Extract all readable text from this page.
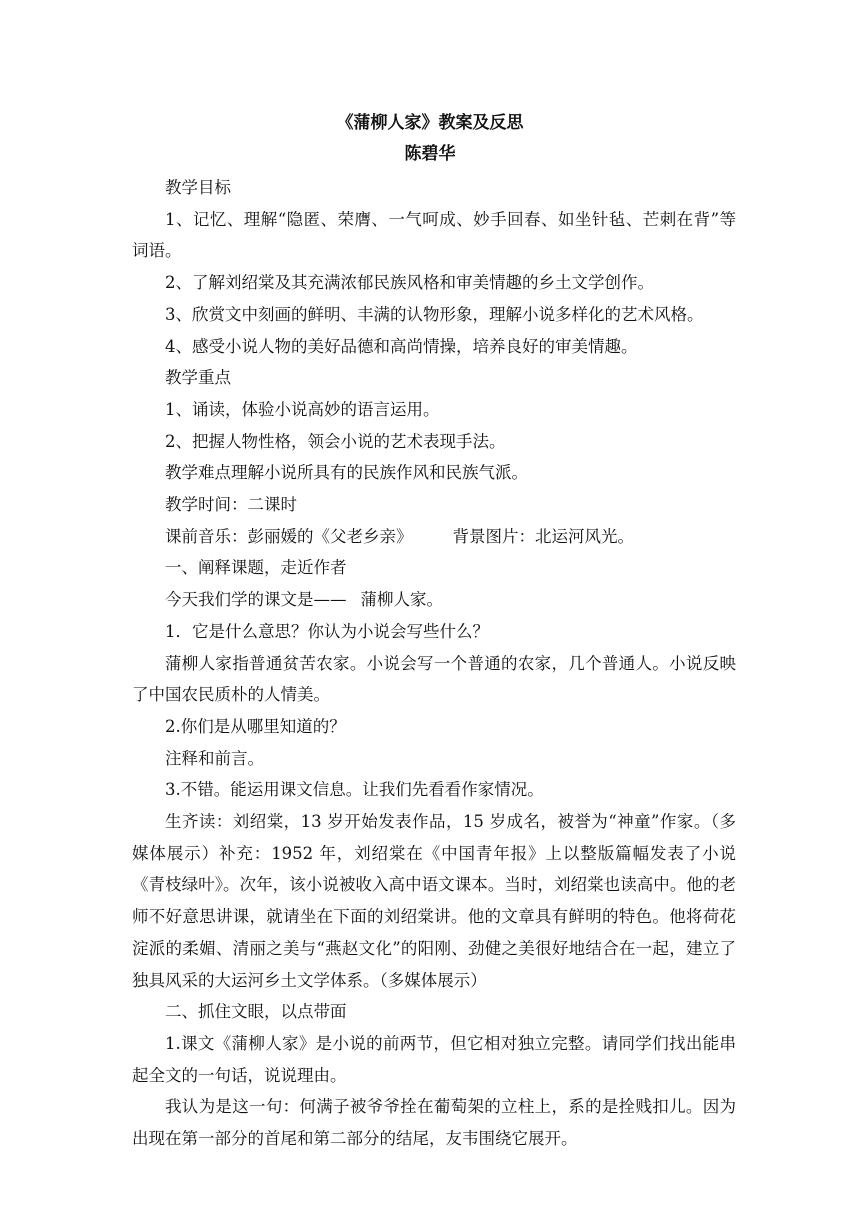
《蒲柳人家》教案及反思
陈碧华

教学目标

1、记忆、理解“隐匿、荣膺、一气呵成、妙手回春、如坐针毡、芒刺在背”等词语。

2、了解刘绍棠及其充满浓郁民族风格和审美情趣的乡土文学创作。

3、欣赏文中刻画的鲜明、丰满的认物形象，理解小说多样化的艺术风格。

4、感受小说人物的美好品德和高尚情操，培养良好的审美情趣。

教学重点

1、诵读，体验小说高妙的语言运用。

2、把握人物性格，领会小说的艺术表现手法。

教学难点理解小说所具有的民族作风和民族气派。

教学时间：二课时

课前音乐：彭丽媛的《父老乡亲》 背景图片：北运河风光。

一、阐释课题，走近作者

今天我们学的课文是—— 蒲柳人家。

1．它是什么意思？你认为小说会写些什么？

蒲柳人家指普通贫苦农家。小说会写一个普通的农家，几个普通人。小说反映了中国农民质朴的人情美。

2.你们是从哪里知道的？

注释和前言。

3.不错。能运用课文信息。让我们先看看作家情况。

生齐读：刘绍棠，13 岁开始发表作品，15 岁成名，被誉为“神童”作家。（多媒体展示）补充：1952 年，刘绍棠在《中国青年报》上以整版篇幅发表了小说《青枝绿叶》。次年，该小说被收入高中语文课本。当时，刘绍棠也读高中。他的老师不好意思讲课，就请坐在下面的刘绍棠讲。他的文章具有鲜明的特色。他将荷花淀派的柔媚、清丽之美与“燕赵文化”的阳刚、劲健之美很好地结合在一起，建立了独具风采的大运河乡土文学体系。（多媒体展示）

二、抓住文眼，以点带面

1.课文《蒲柳人家》是小说的前两节，但它相对独立完整。请同学们找出能串起全文的一句话，说说理由。

我认为是这一句：何满子被爷爷拴在葡萄架的立柱上，系的是拴贱扣儿。因为出现在第一部分的首尾和第二部分的结尾，友韦围绕它展开。
